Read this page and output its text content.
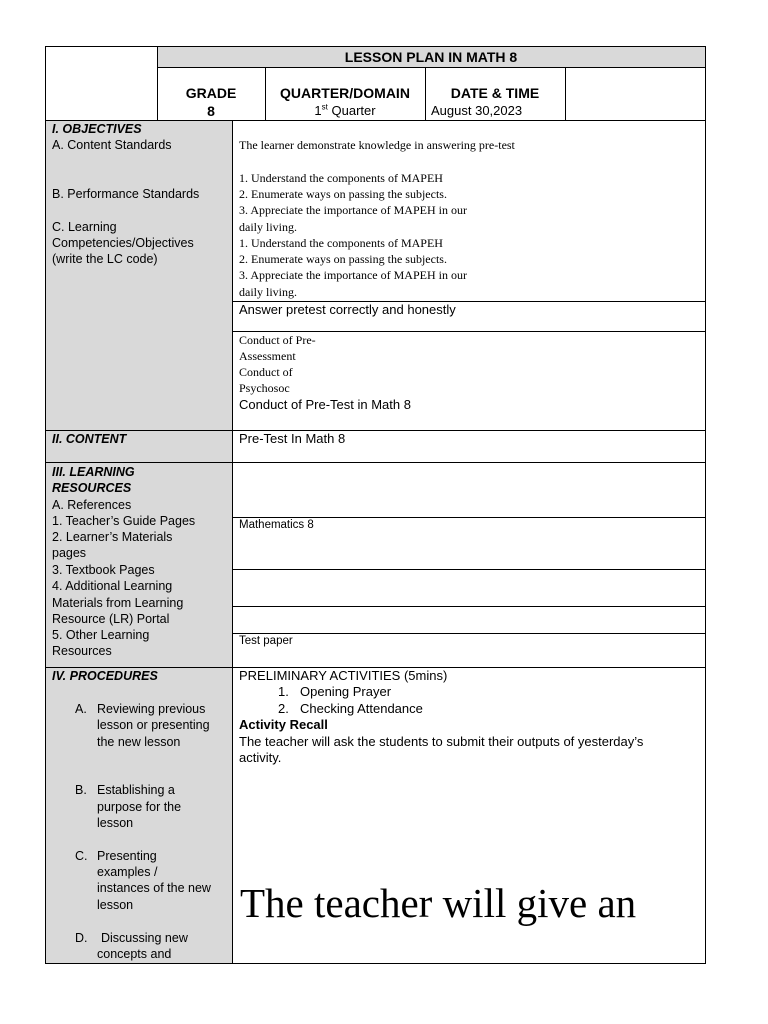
LESSON PLAN IN MATH 8
GRADE
8
QUARTER/DOMAIN
1st Quarter
DATE & TIME
August 30,2023
I. OBJECTIVES
A. Content Standards
B. Performance Standards
C. Learning
Competencies/Objectives
(write the LC code)
The learner demonstrate knowledge in answering pre-test
1. Understand the components of MAPEH
2. Enumerate ways on passing the subjects.
3. Appreciate the importance of MAPEH in our
daily living.
1. Understand the components of MAPEH
2. Enumerate ways on passing the subjects.
3. Appreciate the importance of MAPEH in our
daily living.
Answer pretest correctly and honestly
Conduct of Pre-
Assessment
Conduct of
Psychosoc
Conduct of Pre-Test in Math 8
II. CONTENT	Pre-Test In Math 8
III. LEARNING
RESOURCES
A. References
1. Teacher’s Guide Pages
2. Learner’s Materials
pages
3. Textbook Pages
4. Additional Learning
Materials from Learning
Resource (LR) Portal
5. Other Learning
Resources
Mathematics 8
Test paper
IV. PROCEDURES
A. Reviewing previous
lesson or presenting
the new lesson
B. Establishing a
purpose for the
lesson
C. Presenting
examples /
instances of the new
lesson
D. Discussing new
concepts and
PRELIMINARY ACTIVITIES (5mins)
1. Opening Prayer
2. Checking Attendance
Activity Recall
The teacher will ask the students to submit their outputs of yesterday’s
activity.
The teacher will give an
